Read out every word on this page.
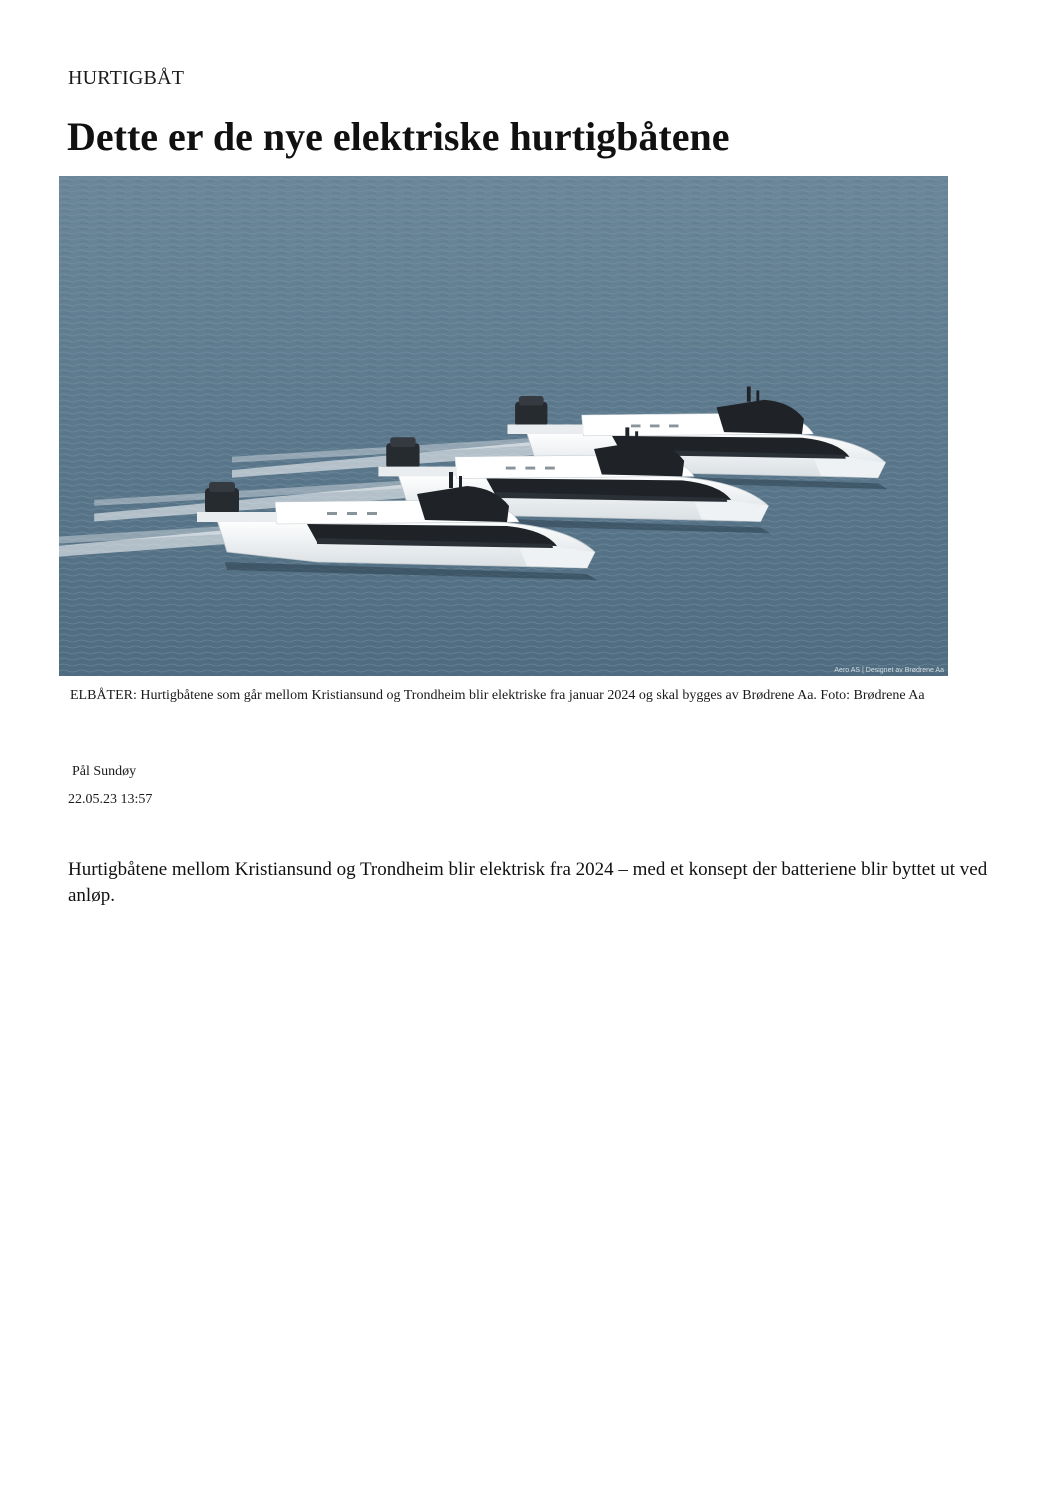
HURTIGBÅT
Dette er de nye elektriske hurtigbåtene
Aero AS | Designet av Brødrene Aa
ELBÅTER: Hurtigbåtene som går mellom Kristiansund og Trondheim blir elektriske fra januar 2024 og skal bygges av Brødrene Aa. Foto: Brødrene Aa
Pål Sundøy
22.05.23 13:57

Hurtigbåtene mellom Kristiansund og Trondheim blir elektrisk fra 2024 – med et konsept der batteriene blir byttet ut ved anløp.
